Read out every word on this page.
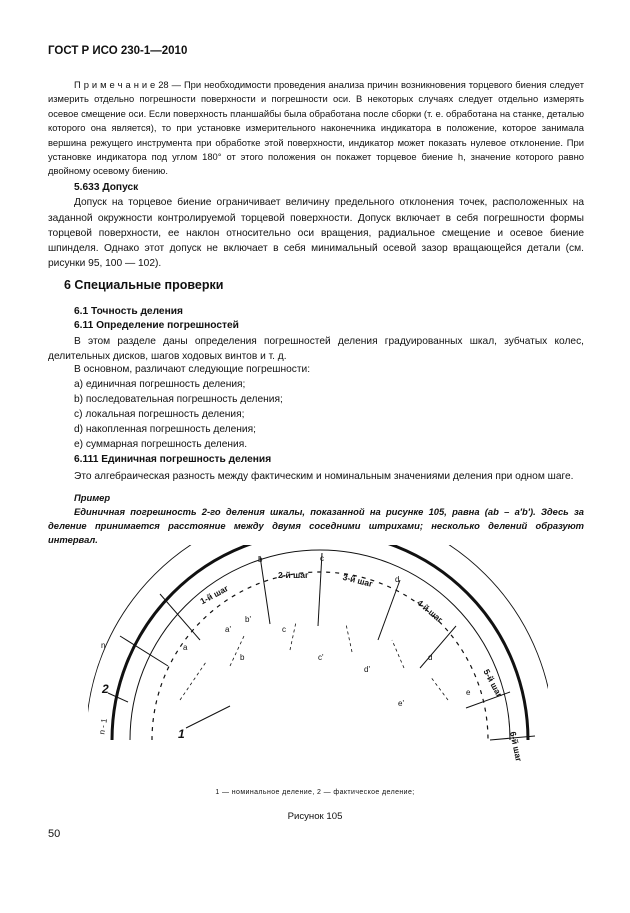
ГОСТ Р ИСО 230-1—2010
П р и м е ч а н и е 28 — При необходимости проведения анализа причин возникновения торцевого биения следует измерить отдельно погрешности поверхности и погрешности оси. В некоторых случаях следует отдельно измерять осевое смещение оси. Если поверхность планшайбы была обработана после сборки (т. е. обработана на станке, деталью которого она является), то при установке измерительного наконечника индикатора в положение, которое занимала вершина режущего инструмента при обработке этой поверхности, индикатор может показать нулевое отклонение. При установке индикатора под углом 180° от этого положения он покажет торцевое биение h, значение которого равно двойному осевому биению.
5.633 Допуск
Допуск на торцевое биение ограничивает величину предельного отклонения точек, расположенных на заданной окружности контролируемой торцевой поверхности. Допуск включает в себя погрешности формы торцевой поверхности, ее наклон относительно оси вращения, радиальное смещение и осевое биение шпинделя. Однако этот допуск не включает в себя минимальный осевой зазор вращающейся детали (см. рисунки 95, 100 — 102).
6 Специальные проверки
6.1 Точность деления
6.11 Определение погрешностей
В этом разделе даны определения погрешностей деления градуированных шкал, зубчатых колес, делительных дисков, шагов ходовых винтов и т. д.
В основном, различают следующие погрешности:
a) единичная погрешность деления;
b) последовательная погрешность деления;
c) локальная погрешность деления;
d) накопленная погрешность деления;
e) суммарная погрешность деления.
6.111 Единичная погрешность деления
Это алгебраическая разность между фактическим и номинальным значениями деления при одном шаге.
Пример
Единичная погрешность 2-го деления шкалы, показанной на рисунке 105, равна (ab – a'b'). Здесь за деление принимается расстояние между двумя соседними штрихами; несколько делений образуют интервал.
n
n - 1
a
b	c
d
a'
b'
c'
d'
e'
b
c
d
e
1
2
1-й шаг
2-й шаг	3-й шаг
4-й шаг
5-й шаг
6-й шаг
1 — номинальное деление, 2 — фактическое деление;
Рисунок 105
50
